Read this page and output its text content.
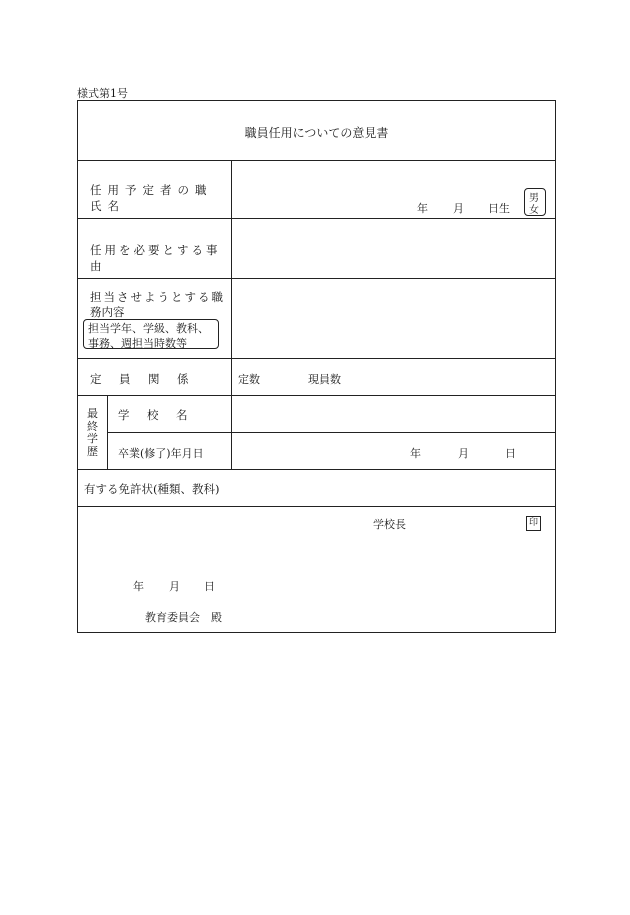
様式第1号
職員任用についての意見書
任用予定者の職氏名	年 月 日生
男
女
任用を必要とする事由
担当させようとする職
務内容
担当学年、学級、教科、
事務、週担当時数等
定　員　関　係	定数	現員数
最終学歴
学　校　名
卒業(修了)年月日	年	月	日
有する免許状(種類、教科)
学校長	印
年 月 日
教育委員会　殿
